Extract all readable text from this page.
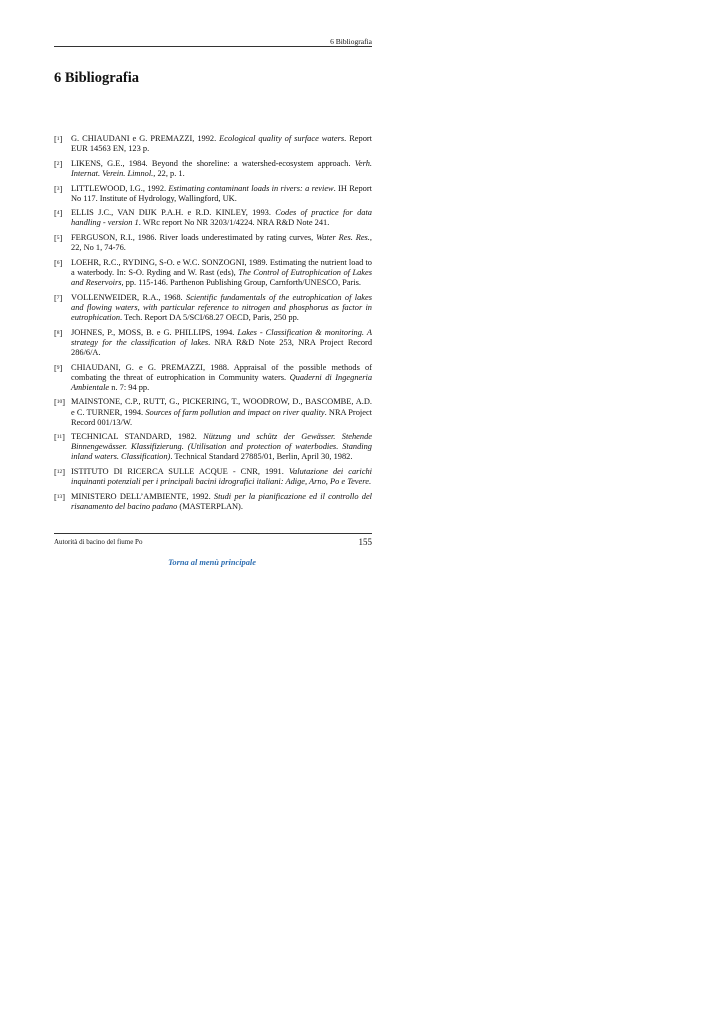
6 Bibliografia
6 Bibliografia
[$^1$] G. CHIAUDANI e G. PREMAZZI, 1992. Ecological quality of surface waters. Report EUR 14563 EN, 123 p.
[$^2$] LIKENS, G.E., 1984. Beyond the shoreline: a watershed-ecosystem approach. Verh. Internat. Verein. Limnol., 22, p. 1.
[$^3$] LITTLEWOOD, I.G., 1992. Estimating contaminant loads in rivers: a review. IH Report No 117. Institute of Hydrology, Wallingford, UK.
[$^4$] ELLIS J.C., VAN DIJK P.A.H. e R.D. KINLEY, 1993. Codes of practice for data handling - version 1. WRc report No NR 3203/1/4224. NRA R&D Note 241.
[$^5$] FERGUSON, R.I., 1986. River loads underestimated by rating curves, Water Res. Res., 22, No 1, 74-76.
[$^6$] LOEHR, R.C., RYDING, S-O. e W.C. SONZOGNI, 1989. Estimating the nutrient load to a waterbody. In: S-O. Ryding and W. Rast (eds), The Control of Eutrophication of Lakes and Reservoirs, pp. 115-146. Parthenon Publishing Group, Carnforth/UNESCO, Paris.
[$^7$] VOLLENWEIDER, R.A., 1968. Scientific fundamentals of the eutrophication of lakes and flowing waters, with particular reference to nitrogen and phosphorus as factor in eutrophication. Tech. Report DA 5/SCI/68.27 OECD, Paris, 250 pp.
[$^8$] JOHNES, P., MOSS, B. e G. PHILLIPS, 1994. Lakes - Classification & monitoring. A strategy for the classification of lakes. NRA R&D Note 253, NRA Project Record 286/6/A.
[$^9$] CHIAUDANI, G. e G. PREMAZZI, 1988. Appraisal of the possible methods of combating the threat of eutrophication in Community waters. Quaderni di Ingegneria Ambientale n. 7: 94 pp.
[$^{10}$] MAINSTONE, C.P., RUTT, G., PICKERING, T., WOODROW, D., BASCOMBE, A.D. e C. TURNER, 1994. Sources of farm pollution and impact on river quality. NRA Project Record 001/13/W.
[$^{11}$] TECHNICAL STANDARD, 1982. Nützung und schütz der Gewässer. Stehende Binnengewässer. Klassifizierung. (Utilisation and protection of waterbodies. Standing inland waters. Classification). Technical Standard 27885/01, Berlin, April 30, 1982.
[$^{12}$] ISTITUTO DI RICERCA SULLE ACQUE - CNR, 1991. Valutazione dei carichi inquinanti potenziali per i principali bacini idrografici italiani: Adige, Arno, Po e Tevere.
[$^{13}$] MINISTERO DELL’AMBIENTE, 1992. Studi per la pianificazione ed il controllo del risanamento del bacino padano (MASTERPLAN).
Autorità di bacino del fiume Po	155
Torna al menù principale
